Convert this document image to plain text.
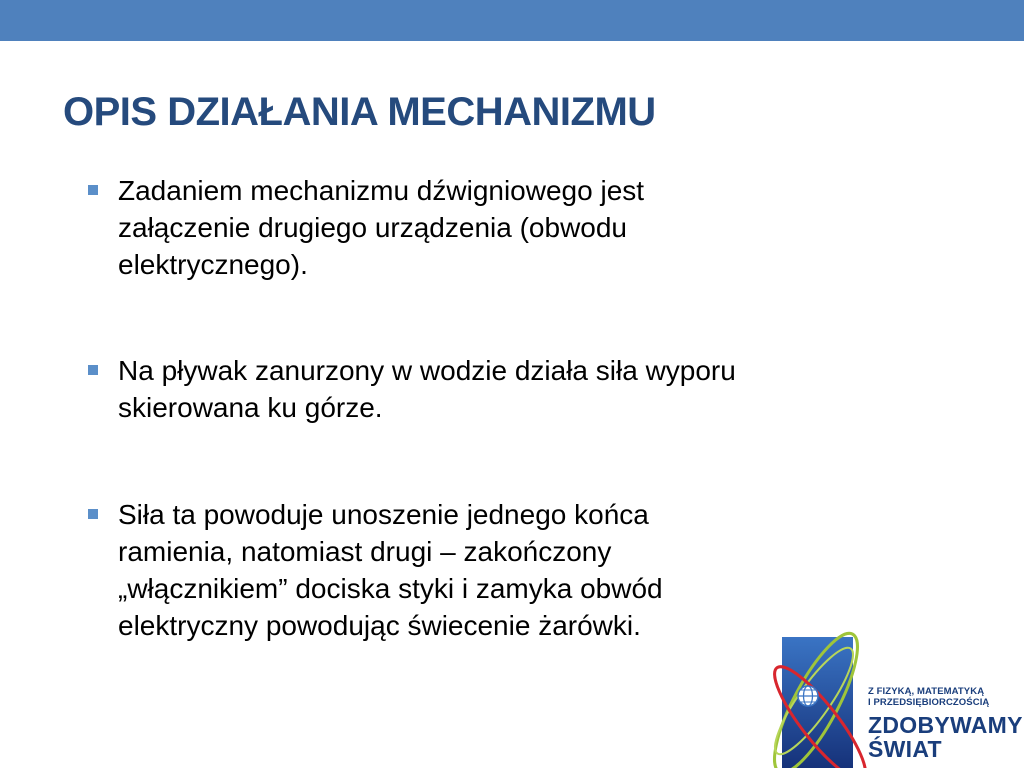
OPIS DZIAŁANIA MECHANIZMU
Zadaniem mechanizmu dźwigniowego jest
załączenie drugiego urządzenia (obwodu
elektrycznego).
Na pływak zanurzony w wodzie działa siła wyporu
skierowana ku górze.
Siła ta powoduje unoszenie jednego końca
ramienia, natomiast drugi – zakończony
„włącznikiem” dociska styki i zamyka obwód
elektryczny powodując świecenie żarówki.
Z FIZYKĄ, MATEMATYKĄ
I PRZEDSIĘBIORCZOŚCIĄ
ZDOBYWAMY
ŚWIAT
